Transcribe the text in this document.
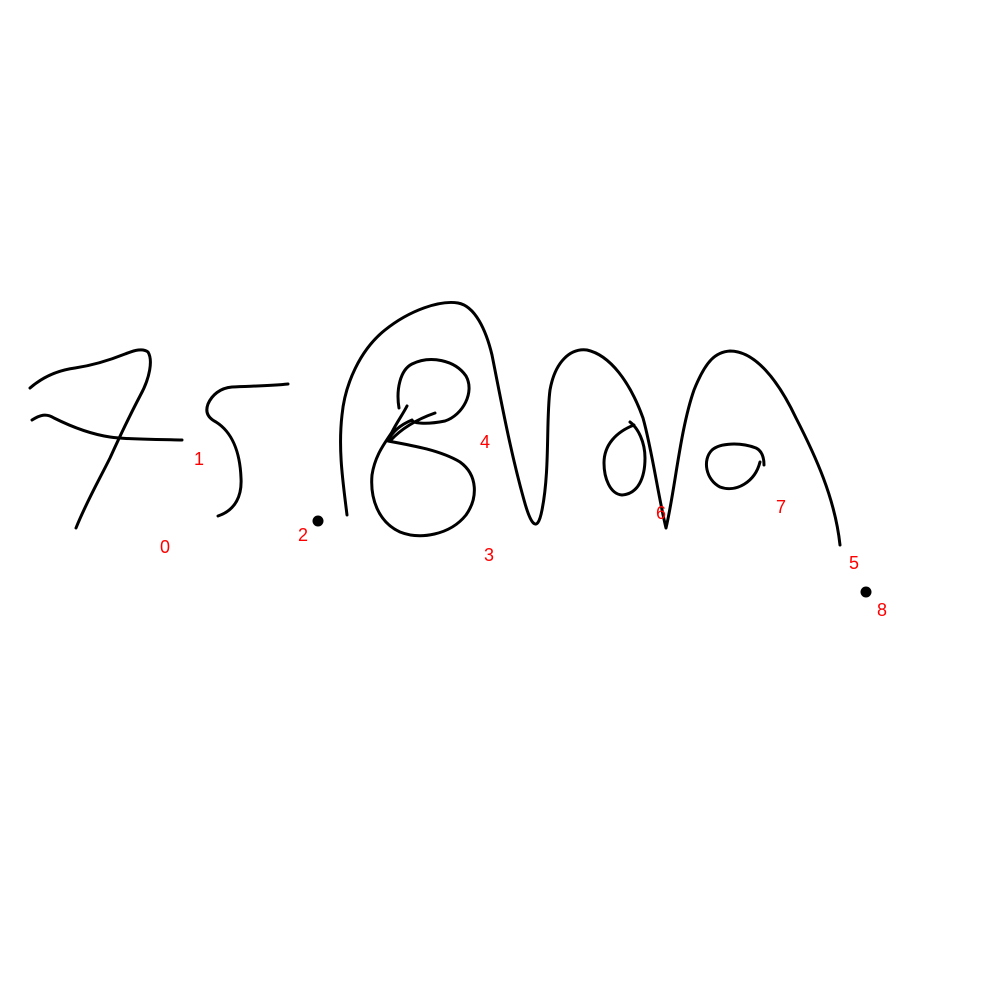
0
1
2
3
4
5
6	7
8
